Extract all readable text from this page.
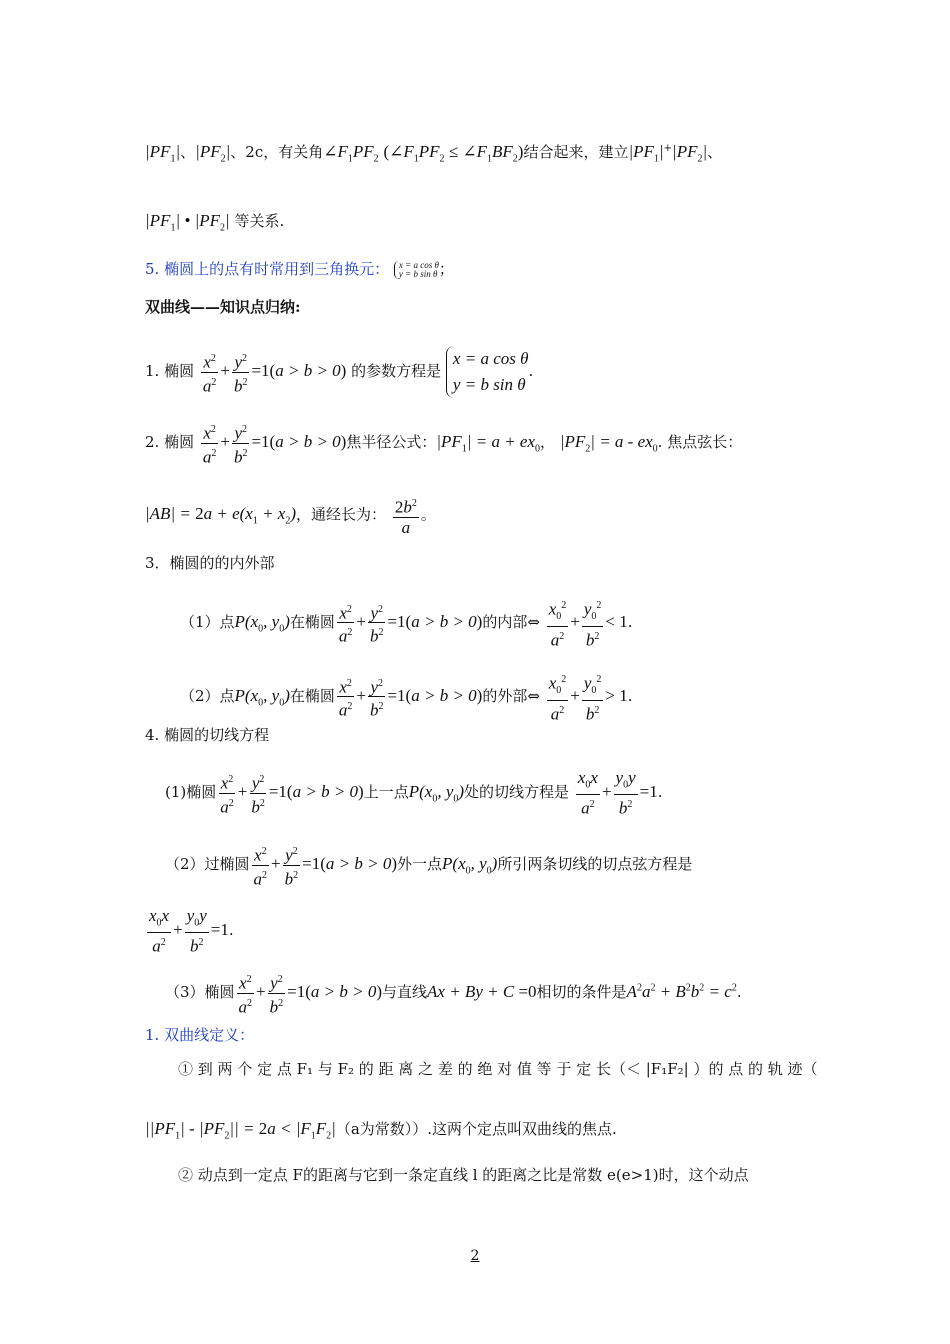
$|PF_1|$、$|PF_2|$、2c，有关角$\angle F_1PF_2$ ($\angle F_1PF_2$ ≤ $\angle F_1BF_2$)结合起来，建立$|PF_1|^+|PF_2|$、
$|PF_1|$ • $|PF_2|$ 等关系.
5. 椭圆上的点有时常用到三角换元： x = a cos θ
y = b sin θ ；
双曲线——知识点归纳:
1. 椭圆 $\frac{x^2}{a^2} + \frac{y^2}{b^2} =1(a > b > 0)$ 的参数方程是 x = a cos θ
y = b sin θ.
2. 椭圆 $\frac{x^2}{a^2} + \frac{y^2}{b^2} =1(a > b > 0)$焦半径公式：$|PF_1| = a + ex_0$， $|PF_2| = a - ex_0$. 焦点弦长：
$|AB| = 2a + e(x_1 + x_2)$，通经长为： $\frac{2b^2}{a}$ 。
3．椭圆的的内外部
（1）点$P(x_0$, $y_0$)在椭圆 $\frac{x^2}{a^2} + \frac{y^2}{b^2} =1(a > b > 0)$的内部⇔ $\frac{x_0^2}{a^2} + \frac{y_0^2}{b^2} < 1$.
（2）点$P(x_0$, $y_0$)在椭圆 $\frac{x^2}{a^2} + \frac{y^2}{b^2} =1(a > b > 0)$的外部⇔ $\frac{x_0^2}{a^2} + \frac{y_0^2}{b^2} > 1$.
4. 椭圆的切线方程
(1)椭圆 $\frac{x^2}{a^2} + \frac{y^2}{b^2} =1(a > b > 0)$上一点$P(x_0$, $y_0$)处的切线方程是 $\frac{x_0x}{a^2} + \frac{y_0y}{b^2} =1$.
（2）过椭圆 $\frac{x^2}{a^2} + \frac{y^2}{b^2} =1(a > b > 0)$外一点$P(x_0$, $y_0$)所引两条切线的切点弦方程是
$\frac{x_0x}{a^2} + \frac{y_0y}{b^2} =1$.
（3）椭圆 $\frac{x^2}{a^2} + \frac{y^2}{b^2} =1(a > b > 0)$与直线Ax + By + C =0相切的条件是$A^2a^2 + B^2b^2 = c^2$.
1. 双曲线定义：
① 到 两 个 定 点 F₁ 与 F₂ 的 距 离 之 差 的 绝 对 值 等 于 定 长（＜ |F₁F₂| ）的 点 的 轨 迹（
$||PF_1| - |PF_2|| = 2a < |F_1F_2|(a$为常数））.这两个定点叫双曲线的焦点.
② 动点到一定点 F的距离与它到一条定直线 l 的距离之比是常数 e(e>1)时，这个动点
2
